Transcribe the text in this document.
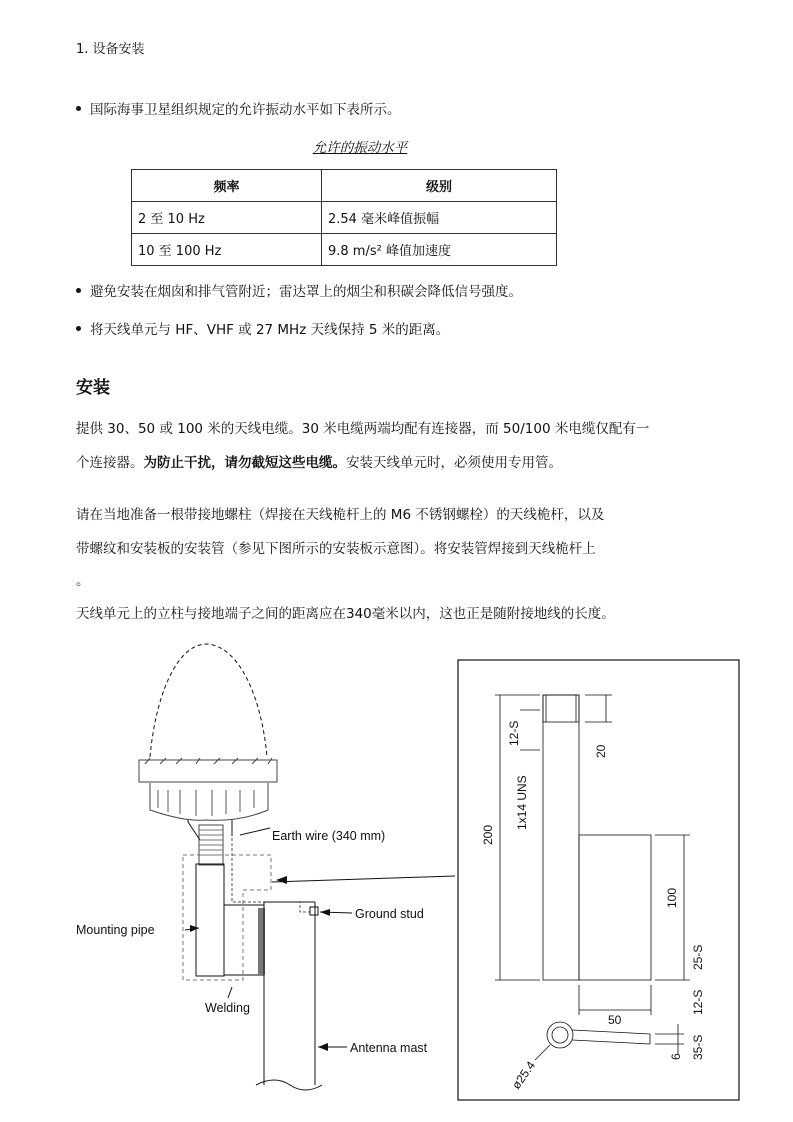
1. 设备安装
国际海事卫星组织规定的允许振动水平如下表所示。
允许的振动水平
频率	级别
2 至 10 Hz	2.54 毫米峰值振幅
10 至 100 Hz	9.8 m/s² 峰值加速度
避免安装在烟囱和排气管附近；雷达罩上的烟尘和积碳会降低信号强度。
将天线单元与 HF、VHF 或 27 MHz 天线保持 5 米的距离。
安装
提供 30、50 或 100 米的天线电缆。30 米电缆两端均配有连接器，而 50/100 米电缆仅配有一
个连接器。为防止干扰，请勿截短这些电缆。安装天线单元时，必须使用专用管。
请在当地准备一根带接地螺柱（焊接在天线桅杆上的 M6 不锈钢螺栓）的天线桅杆，以及
带螺纹和安装板的安装管（参见下图所示的安装板示意图）。将安装管焊接到天线桅杆上
。
天线单元上的立柱与接地端子之间的距离应在340毫米以内，这也正是随附接地线的长度。
Earth wire (340 mm)
Ground stud
Mounting pipe
Welding
Antenna mast
12-S
1x14 UNS
200
20
100
50
6
ø25.4
25-S
12-S
35-S
